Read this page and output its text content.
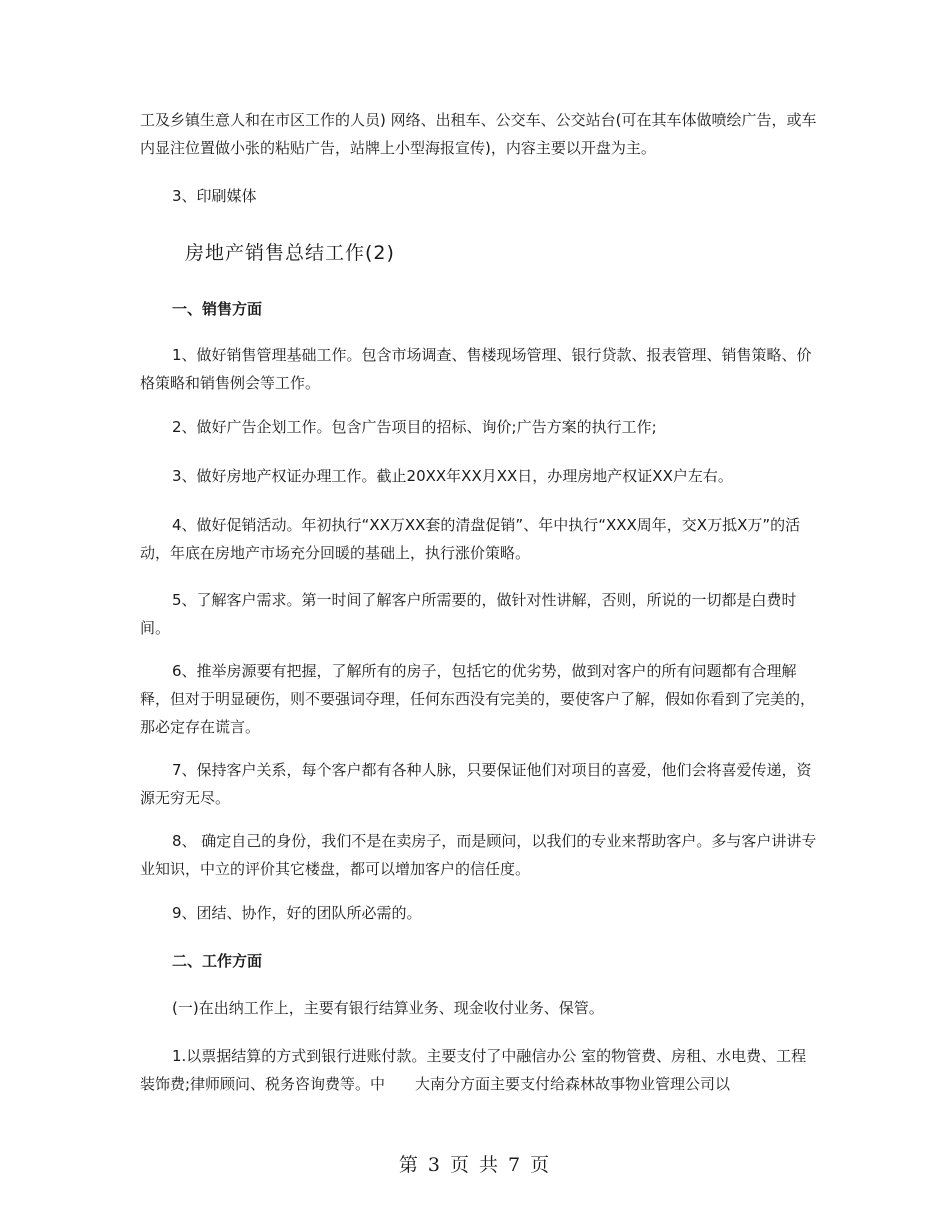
工及乡镇生意人和在市区工作的人员) 网络、出租车、公交车、公交站台(可在其车体做喷绘广告，或车内显注位置做小张的粘贴广告，站牌上小型海报宣传)，内容主要以开盘为主。

3、印刷媒体

房地产销售总结工作(2)
一、销售方面

1、做好销售管理基础工作。包含市场调查、售楼现场管理、银行贷款、报表管理、销售策略、价格策略和销售例会等工作。

2、做好广告企划工作。包含广告项目的招标、询价;广告方案的执行工作;

3、做好房地产权证办理工作。截止20XX年XX月XX日，办理房地产权证XX户左右。

4、做好促销活动。年初执行“XX万XX套的清盘促销”、年中执行“XXX周年，交X万抵X万”的活动，年底在房地产市场充分回暖的基础上，执行涨价策略。

5、了解客户需求。第一时间了解客户所需要的，做针对性讲解，否则，所说的一切都是白费时间。

6、推举房源要有把握，了解所有的房子，包括它的优劣势，做到对客户的所有问题都有合理解释，但对于明显硬伤，则不要强词夺理，任何东西没有完美的，要使客户了解，假如你看到了完美的，那必定存在谎言。

7、保持客户关系，每个客户都有各种人脉，只要保证他们对项目的喜爱，他们会将喜爱传递，资源无穷无尽。

8、 确定自己的身份，我们不是在卖房子，而是顾问，以我们的专业来帮助客户。多与客户讲讲专业知识，中立的评价其它楼盘，都可以增加客户的信任度。

9、团结、协作，好的团队所必需的。

二、工作方面

(一)在出纳工作上，主要有银行结算业务、现金收付业务、保管。

1.以票据结算的方式到银行进账付款。主要支付了中融信办公 室的物管费、房租、水电费、工程装饰费;律师顾问、税务咨询费等。中　　大南分方面主要支付给森林故事物业管理公司以

第 3 页 共 7 页
